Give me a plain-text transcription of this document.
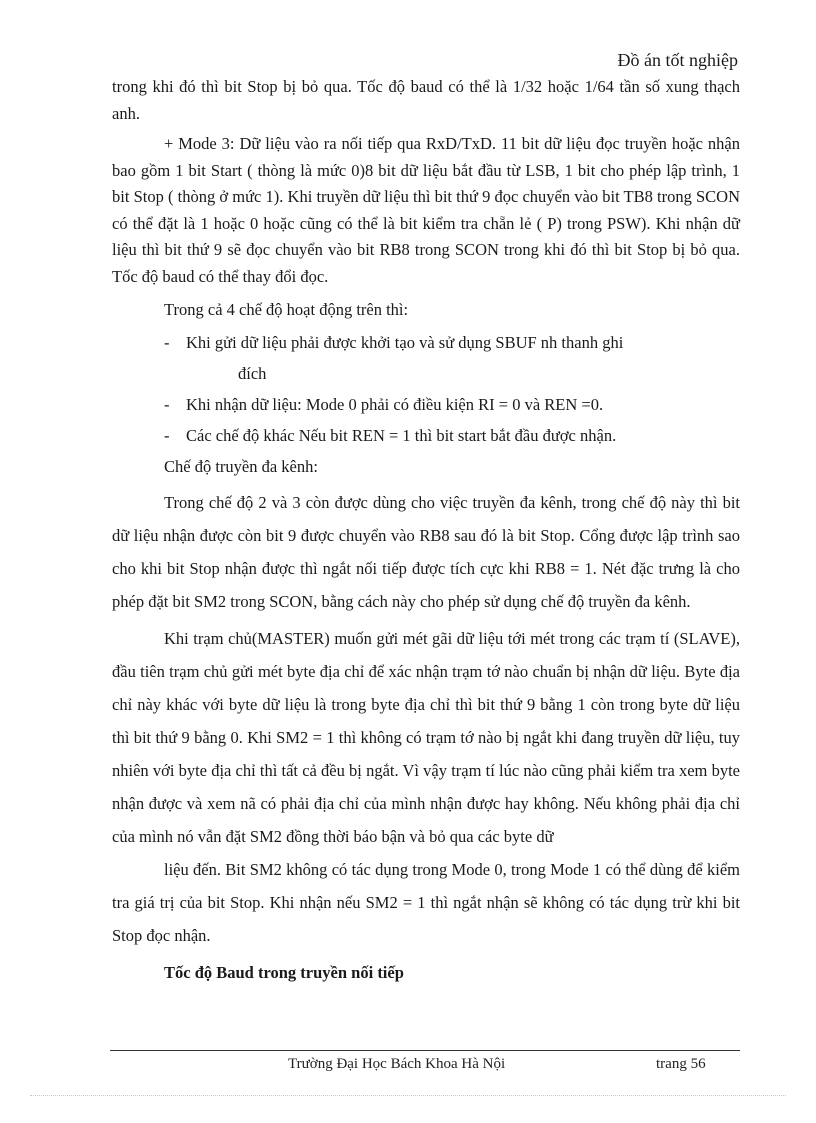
Đồ án tốt nghiệp

trong khi đó thì bit Stop bị bỏ qua. Tốc độ baud có thể là 1/32 hoặc 1/64 tần số xung thạch anh.

+ Mode 3: Dữ liệu vào ra nối tiếp qua RxD/TxD. 11 bit dữ liệu đọc truyền hoặc nhận bao gồm 1 bit Start ( thòng là mức 0)8 bit dữ liệu bắt đầu từ LSB, 1 bit cho phép lập trình, 1 bit Stop ( thòng ở mức 1). Khi truyền dữ liệu thì bit thứ 9 đọc chuyển vào bit TB8 trong SCON có thể đặt là 1 hoặc 0 hoặc cũng có thể là bit kiểm tra chẵn lẻ ( P) trong PSW). Khi nhận dữ liệu thì bit thứ 9 sẽ đọc chuyển vào bit RB8 trong SCON trong khi đó thì bit Stop bị bỏ qua. Tốc độ baud có thể thay đổi đọc.

Trong cả 4 chế độ hoạt động trên thì:

- Khi gửi dữ liệu phải được khởi tạo và sử dụng SBUF nh thanh ghi
đích
- Khi nhận dữ liệu: Mode 0 phải có điều kiện RI = 0 và REN =0.
- Các chế độ khác Nếu bit REN = 1 thì bit start bắt đầu được nhận.

Chế độ truyền đa kênh:

Trong chế độ 2 và 3 còn được dùng cho việc truyền đa kênh, trong chế độ này thì bit dữ liệu nhận được còn bit 9 được chuyển vào RB8 sau đó là bit Stop. Cổng được lập trình sao cho khi bit Stop nhận được thì ngắt nối tiếp được tích cực khi RB8 = 1. Nét đặc trưng là cho phép đặt bit SM2 trong SCON, bằng cách này cho phép sử dụng chế độ truyền đa kênh.

Khi trạm chủ(MASTER) muốn gửi mét gãi dữ liệu tới mét trong các trạm tí (SLAVE), đầu tiên trạm chủ gửi mét byte địa chỉ để xác nhận trạm tớ nào chuẩn bị nhận dữ liệu. Byte địa chỉ này khác với byte dữ liệu là trong byte địa chỉ thì bit thứ 9 bằng 1 còn trong byte dữ liệu thì bit thứ 9 bằng 0. Khi SM2 = 1 thì không có trạm tớ nào bị ngắt khi đang truyền dữ liệu, tuy nhiên với byte địa chỉ thì tất cả đều bị ngắt. Vì vậy trạm tí lúc nào cũng phải kiểm tra xem byte nhận được và xem nã có phải địa chỉ của mình nhận được hay không. Nếu không phải địa chỉ của mình nó vẫn đặt SM2 đồng thời báo bận và bỏ qua các byte dữ

liệu đến. Bit SM2 không có tác dụng trong Mode 0, trong Mode 1 có thể dùng để kiểm tra giá trị của bit Stop. Khi nhận nếu SM2 = 1 thì ngắt nhận sẽ không có tác dụng trừ khi bit Stop đọc nhận.

Tốc độ Baud trong truyền nối tiếp

Trường Đại Học Bách Khoa Hà Nội	trang 56
